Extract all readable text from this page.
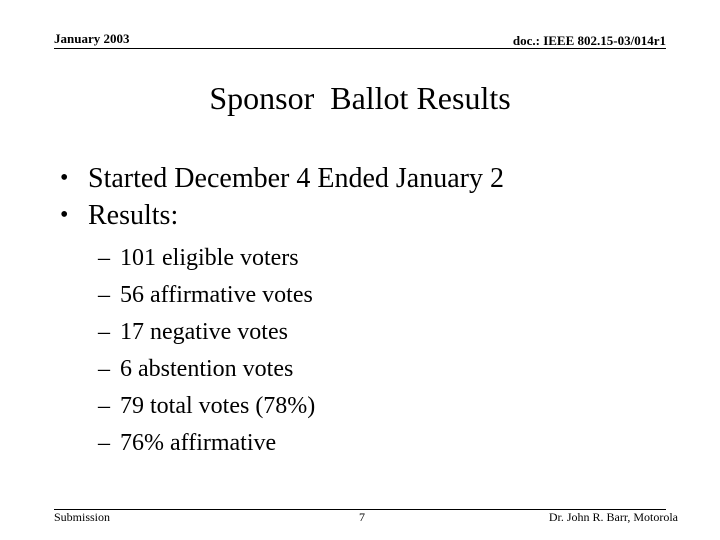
January 2003	doc.: IEEE 802.15-03/014r1
Sponsor  Ballot Results
• Started December 4 Ended January 2
• Results:
– 101 eligible voters
– 56 affirmative votes
– 17 negative votes
– 6 abstention votes
– 79 total votes (78%)
– 76% affirmative
Submission	7	Dr. John R. Barr, Motorola
